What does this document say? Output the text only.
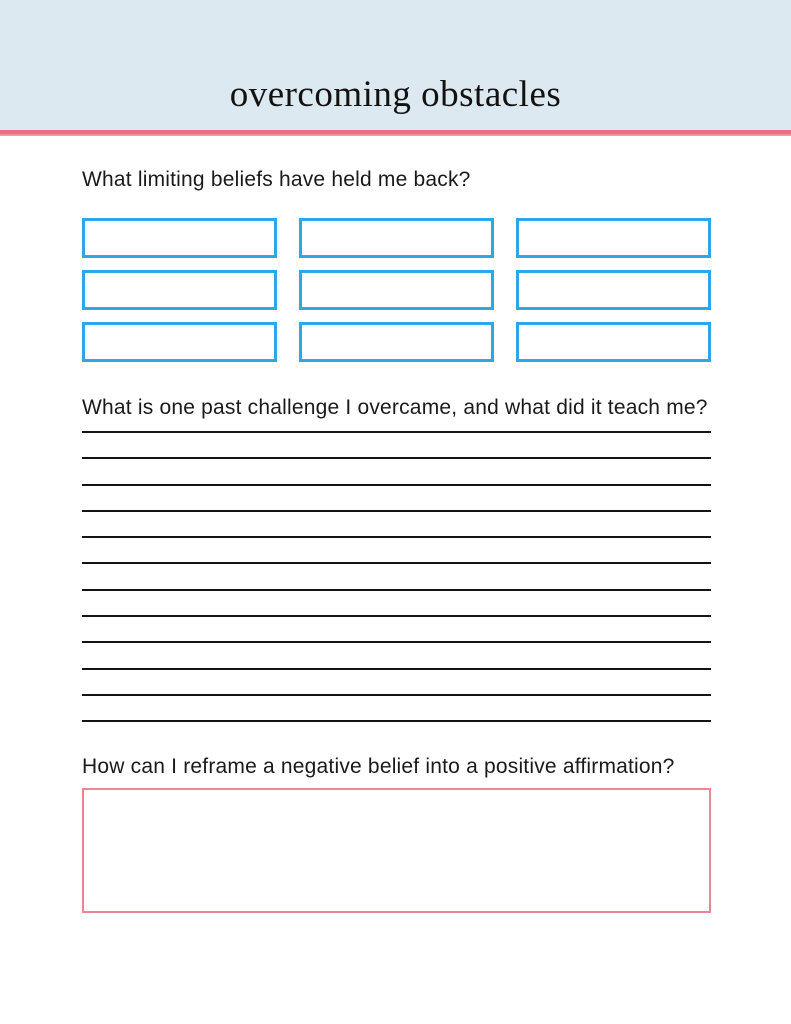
overcoming obstacles

What limiting beliefs have held me back?

What is one past challenge I overcame, and what did it teach me?

How can I reframe a negative belief into a positive affirmation?
